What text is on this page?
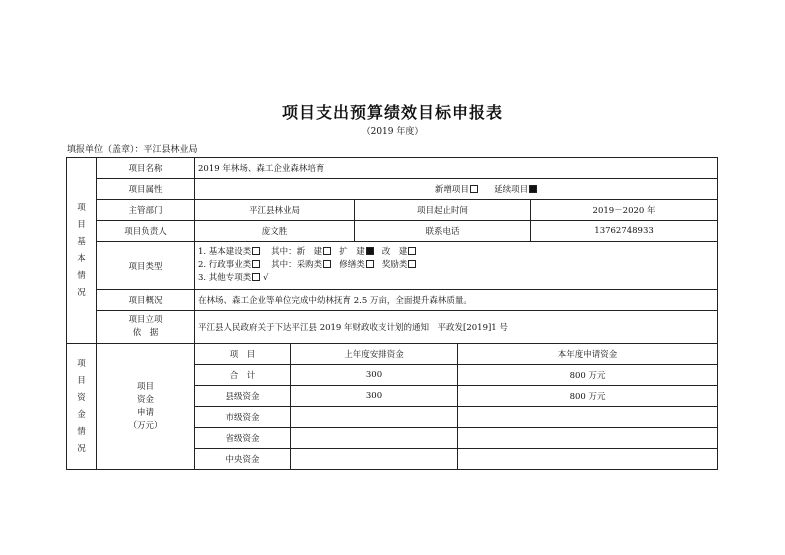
项目支出预算绩效目标申报表
（2019 年度）
填报单位（盖章）：平江县林业局
项目基本情况	项目名称	2019 年林场、森工企业森林培育				
	项目属性	新增项目 延续项目				
	主管部门	平江县林业局		项目起止时间		2019－2020 年
	项目负责人	庞文胜		联系电话		13762748933
	项目类型	1. 基本建设类 其中：新　建 扩　建 改　建
2. 行政事业类 其中：采购类 修缮类 奖励类
3. 其他专项类 √				

	项目概况	在林场、森工企业等单位完成中幼林抚育 2.5 万亩，全面提升森林质量。				

	项目立项
依　据	平江县人民政府关于下达平江县 2019 年财政收支计划的通知　平政发[2019]1 号				

项目资金情况	项目
资金
申请
（万元）	项　目	上年度安排资金		本年度申请资金	
		合　计	300		800 万元	
		县级资金	300		800 万元	
		市级资金				
		省级资金				
		中央资金				
